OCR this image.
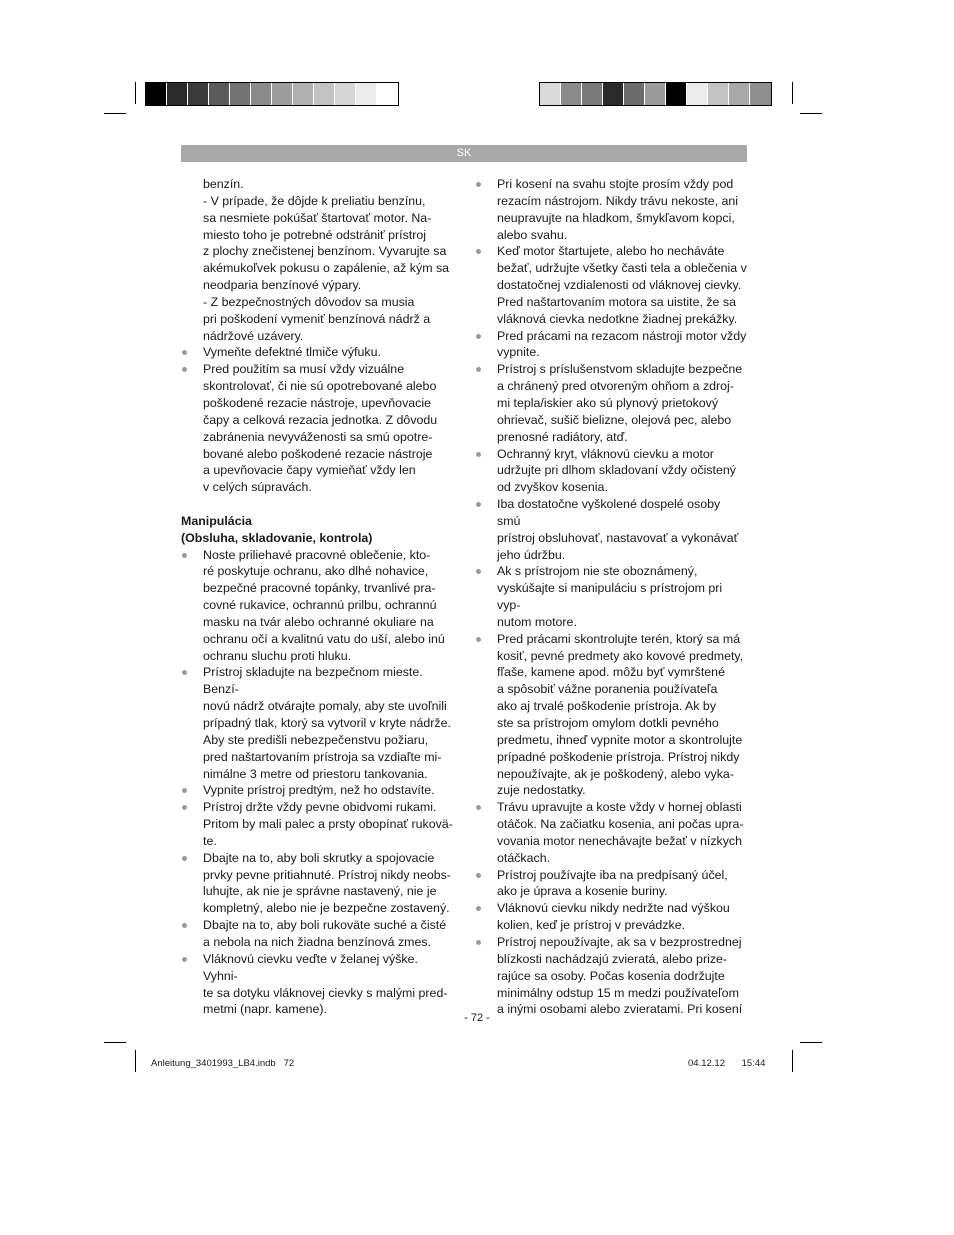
SK

benzín.
- V prípade, že dôjde k preliatiu benzínu,
sa nesmiete pokúšať štartovať motor. Na-
miesto toho je potrebné odstrániť prístroj
z plochy znečistenej benzínom. Vyvarujte sa
akémukoľvek pokusu o zapálenie, až kým sa
neodparia benzínové výpary.
- Z bezpečnostných dôvodov sa musia
pri poškodení vymeniť benzínová nádrž a
nádržové uzávery.

Vymeňte defektné tlmiče výfuku.

Pred použitím sa musí vždy vizuálne
skontrolovať, či nie sú opotrebované alebo
poškodené rezacie nástroje, upevňovacie
čapy a celková rezacia jednotka. Z dôvodu
zabránenia nevyváženosti sa smú opotre-
bované alebo poškodené rezacie nástroje
a upevňovacie čapy vymieňať vždy len
v celých súpravách.

Manipulácia
(Obsluha, skladovanie, kontrola)

Noste priliehavé pracovné oblečenie, kto-
ré poskytuje ochranu, ako dlhé nohavice,
bezpečné pracovné topánky, trvanlivé pra-
covné rukavice, ochrannú prilbu, ochrannú
masku na tvár alebo ochranné okuliare na
ochranu očí a kvalitnú vatu do uší, alebo inú
ochranu sluchu proti hluku.

Prístroj skladujte na bezpečnom mieste. Benzí-
novú nádrž otvárajte pomaly, aby ste uvoľnili
prípadný tlak, ktorý sa vytvoril v kryte nádrže.
Aby ste predišli nebezpečenstvu požiaru,
pred naštartovaním prístroja sa vzdiaľte mi-
nimálne 3 metre od priestoru tankovania.

Vypnite prístroj predtým, než ho odstavíte.

Prístroj držte vždy pevne obidvomi rukami.
Pritom by mali palec a prsty obopínať rukovä-
te.

Dbajte na to, aby boli skrutky a spojovacie
prvky pevne pritiahnuté. Prístroj nikdy neobs-
luhujte, ak nie je správne nastavený, nie je
kompletný, alebo nie je bezpečne zostavený.

Dbajte na to, aby boli rukoväte suché a čisté
a nebola na nich žiadna benzínová zmes.

Vláknovú cievku veďte v želanej výške. Vyhni-
te sa dotyku vláknovej cievky s malými pred-
metmi (napr. kamene).

Pri kosení na svahu stojte prosím vždy pod
rezacím nástrojom. Nikdy trávu nekoste, ani
neupravujte na hladkom, šmykľavom kopci,
alebo svahu.

Keď motor štartujete, alebo ho necháváte
bežať, udržujte všetky časti tela a oblečenia v
dostatočnej vzdialenosti od vláknovej cievky.
Pred naštartovaním motora sa uistite, že sa
vláknová cievka nedotkne žiadnej prekážky.

Pred prácami na rezacom nástroji motor vždy
vypnite.

Prístroj s príslušenstvom skladujte bezpečne
a chránený pred otvoreným ohňom a zdroj-
mi tepla/iskier ako sú plynový prietokový
ohrievač, sušič bielizne, olejová pec, alebo
prenosné radiátory, atď.

Ochranný kryt, vláknovú cievku a motor
udržujte pri dlhom skladovaní vždy očistený
od zvyškov kosenia.

Iba dostatočne vyškolené dospelé osoby smú
prístroj obsluhovať, nastavovať a vykonávať
jeho údržbu.

Ak s prístrojom nie ste oboznámený,
vyskúšajte si manipuláciu s prístrojom pri vyp-
nutom motore.

Pred prácami skontrolujte terén, ktorý sa má
kosiť, pevné predmety ako kovové predmety,
fľaše, kamene apod. môžu byť vymrštené
a spôsobiť vážne poranenia používateľa
ako aj trvalé poškodenie prístroja. Ak by
ste sa prístrojom omylom dotkli pevného
predmetu, ihneď vypnite motor a skontrolujte
prípadné poškodenie prístroja. Prístroj nikdy
nepoužívajte, ak je poškodený, alebo vyka-
zuje nedostatky.

Trávu upravujte a koste vždy v hornej oblasti
otáčok. Na začiatku kosenia, ani počas upra-
vovania motor nenechávajte bežať v nízkych
otáčkach.

Prístroj používajte iba na predpísaný účel,
ako je úprava a kosenie buriny.

Vláknovú cievku nikdy nedržte nad výškou
kolien, keď je prístroj v prevádzke.

Prístroj nepoužívajte, ak sa v bezprostrednej
blízkosti nachádzajú zvieratá, alebo prize-
rajúce sa osoby. Počas kosenia dodržujte
minimálny odstup 15 m medzi používateľom
a inými osobami alebo zvieratami. Pri kosení

- 72 -
Anleitung_3401993_LB4.indb   72	04.12.12 15:44
